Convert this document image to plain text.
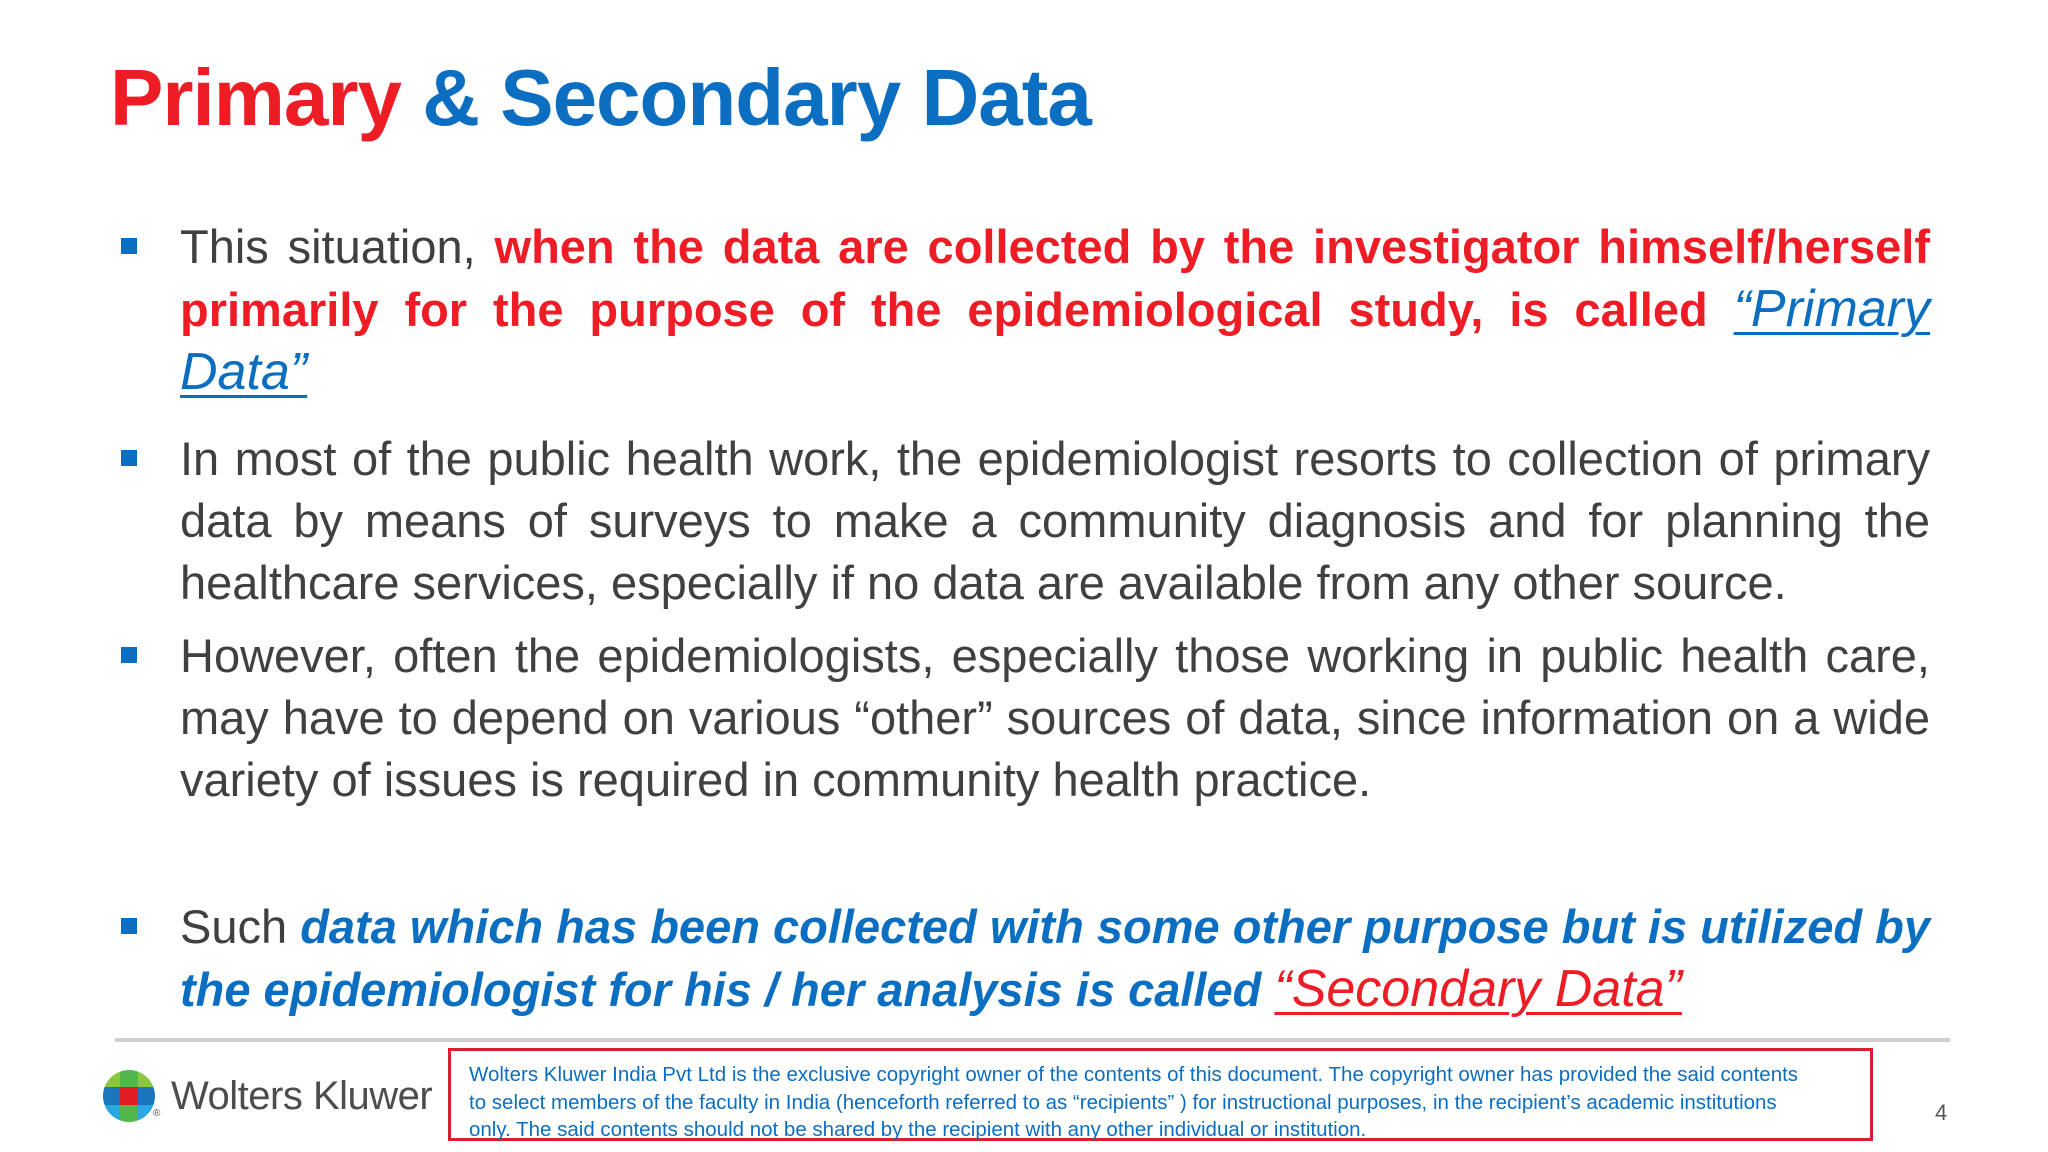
Primary & Secondary Data
This situation, when the data are collected by the investigator himself/herself primarily for the purpose of the epidemiological study, is called “Primary Data”
In most of the public health work, the epidemiologist resorts to collection of primary data by means of surveys to make a community diagnosis and for planning the healthcare services, especially if no data are available from any other source.
However, often the epidemiologists, especially those working in public health care, may have to depend on various “other” sources of data, since information on a wide variety of issues is required in community health practice.
Such data which has been collected with some other purpose but is utilized by the epidemiologist for his / her analysis is called “Secondary Data”
® Wolters Kluwer Wolters Kluwer India Pvt Ltd is the exclusive copyright owner of the contents of this document. The copyright owner has provided the said contents
to select members of the faculty in India (henceforth referred to as “recipients” ) for instructional purposes, in the recipient’s academic institutions
only. The said contents should not be shared by the recipient with any other individual or institution.
4
